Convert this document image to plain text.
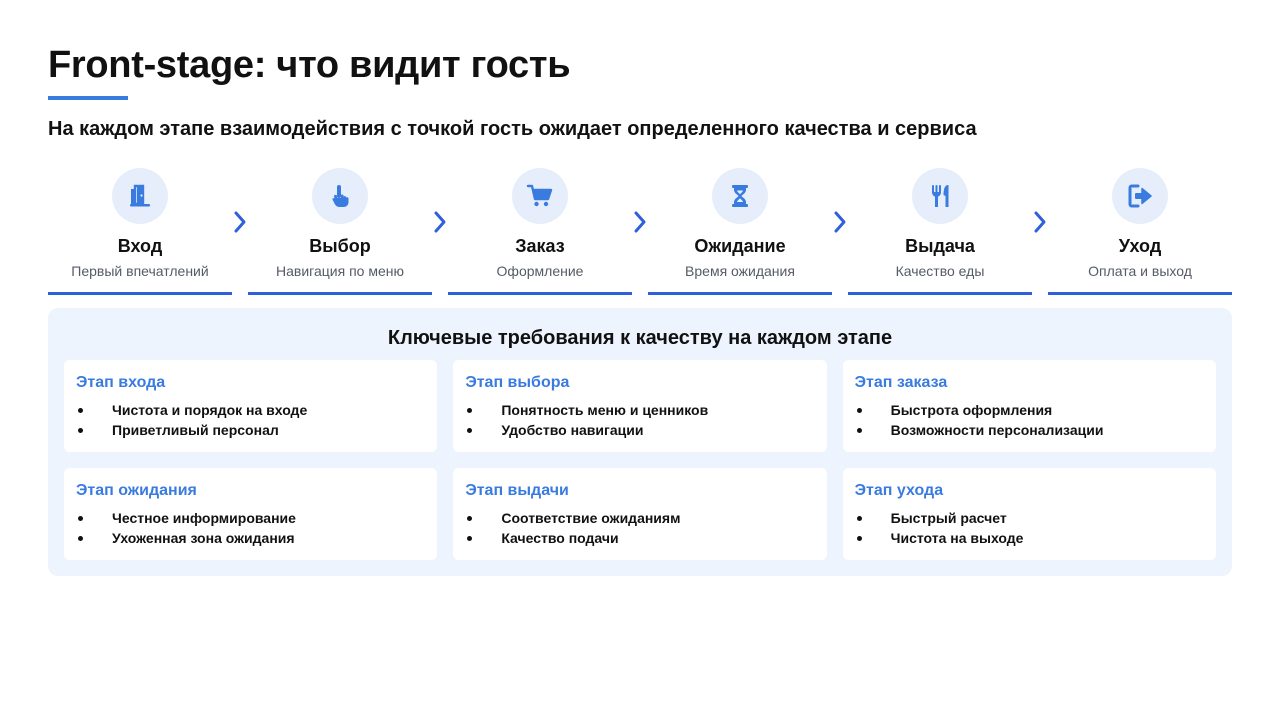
Front-stage: что видит гость

На каждом этапе взаимодействия с точкой гость ожидает определенного качества и сервиса

Вход
Первый впечатлений
Выбор
Навигация по меню
Заказ
Оформление
Ожидание
Время ожидания
Выдача
Качество еды
Уход
Оплата и выход
Ключевые требования к качеству на каждом этапе
Этап входа
Чистота и порядок на входе
Приветливый персонал
Этап выбора
Понятность меню и ценников
Удобство навигации
Этап заказа
Быстрота оформления
Возможности персонализации
Этап ожидания
Честное информирование
Ухоженная зона ожидания
Этап выдачи
Соответствие ожиданиям
Качество подачи
Этап ухода
Быстрый расчет
Чистота на выходе
